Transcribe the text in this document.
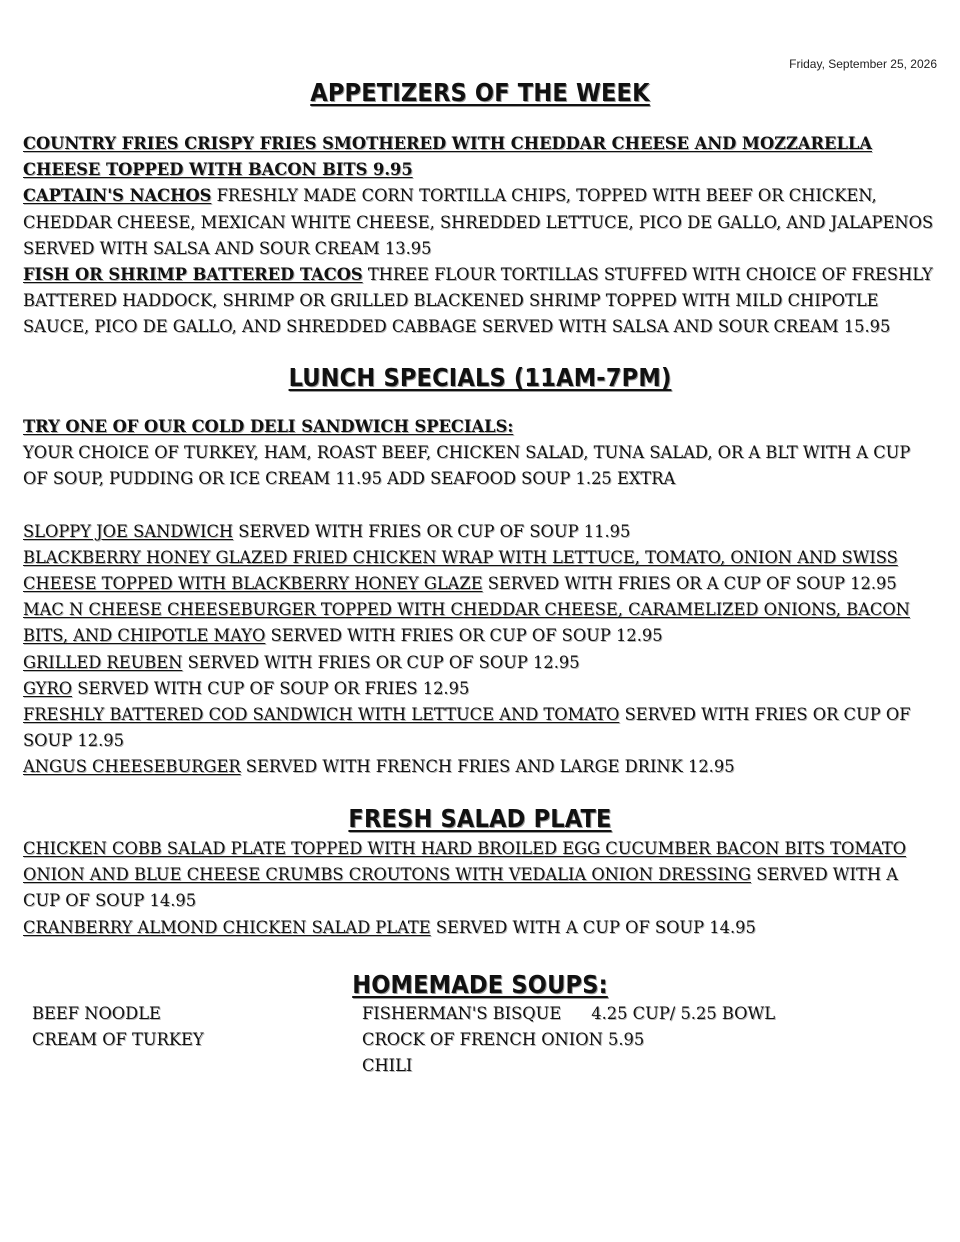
Friday, September 25, 2026
APPETIZERS OF THE WEEK

COUNTRY FRIES CRISPY FRIES SMOTHERED WITH CHEDDAR CHEESE AND MOZZARELLA CHEESE TOPPED WITH BACON BITS 9.95

CAPTAIN'S NACHOS FRESHLY MADE CORN TORTILLA CHIPS, TOPPED WITH BEEF OR CHICKEN, CHEDDAR CHEESE, MEXICAN WHITE CHEESE, SHREDDED LETTUCE, PICO DE GALLO, AND JALAPENOS SERVED WITH SALSA AND SOUR CREAM 13.95

FISH OR SHRIMP BATTERED TACOS THREE FLOUR TORTILLAS STUFFED WITH CHOICE OF FRESHLY BATTERED HADDOCK, SHRIMP OR GRILLED BLACKENED SHRIMP TOPPED WITH MILD CHIPOTLE SAUCE, PICO DE GALLO, AND SHREDDED CABBAGE SERVED WITH SALSA AND SOUR CREAM 15.95

LUNCH SPECIALS (11AM-7PM)

TRY ONE OF OUR COLD DELI SANDWICH SPECIALS:

YOUR CHOICE OF TURKEY, HAM, ROAST BEEF, CHICKEN SALAD, TUNA SALAD, OR A BLT WITH A CUP OF SOUP, PUDDING OR ICE CREAM 11.95 ADD SEAFOOD SOUP 1.25 EXTRA

SLOPPY JOE SANDWICH SERVED WITH FRIES OR CUP OF SOUP 11.95

BLACKBERRY HONEY GLAZED FRIED CHICKEN WRAP WITH LETTUCE, TOMATO, ONION AND SWISS CHEESE TOPPED WITH BLACKBERRY HONEY GLAZE SERVED WITH FRIES OR A CUP OF SOUP 12.95

MAC N CHEESE CHEESEBURGER TOPPED WITH CHEDDAR CHEESE, CARAMELIZED ONIONS, BACON BITS, AND CHIPOTLE MAYO SERVED WITH FRIES OR CUP OF SOUP 12.95

GRILLED REUBEN SERVED WITH FRIES OR CUP OF SOUP 12.95

GYRO SERVED WITH CUP OF SOUP OR FRIES 12.95

FRESHLY BATTERED COD SANDWICH WITH LETTUCE AND TOMATO SERVED WITH FRIES OR CUP OF SOUP 12.95

ANGUS CHEESEBURGER SERVED WITH FRENCH FRIES AND LARGE DRINK 12.95

FRESH SALAD PLATE

CHICKEN COBB SALAD PLATE TOPPED WITH HARD BROILED EGG CUCUMBER BACON BITS TOMATO ONION AND BLUE CHEESE CRUMBS CROUTONS WITH VEDALIA ONION DRESSING SERVED WITH A CUP OF SOUP 14.95

CRANBERRY ALMOND CHICKEN SALAD PLATE SERVED WITH A CUP OF SOUP 14.95

HOMEMADE SOUPS:
BEEF NOODLE
CREAM OF TURKEY
FISHERMAN'S BISQUE 4.25 CUP/ 5.25 BOWL
CROCK OF FRENCH ONION 5.95
CHILI
